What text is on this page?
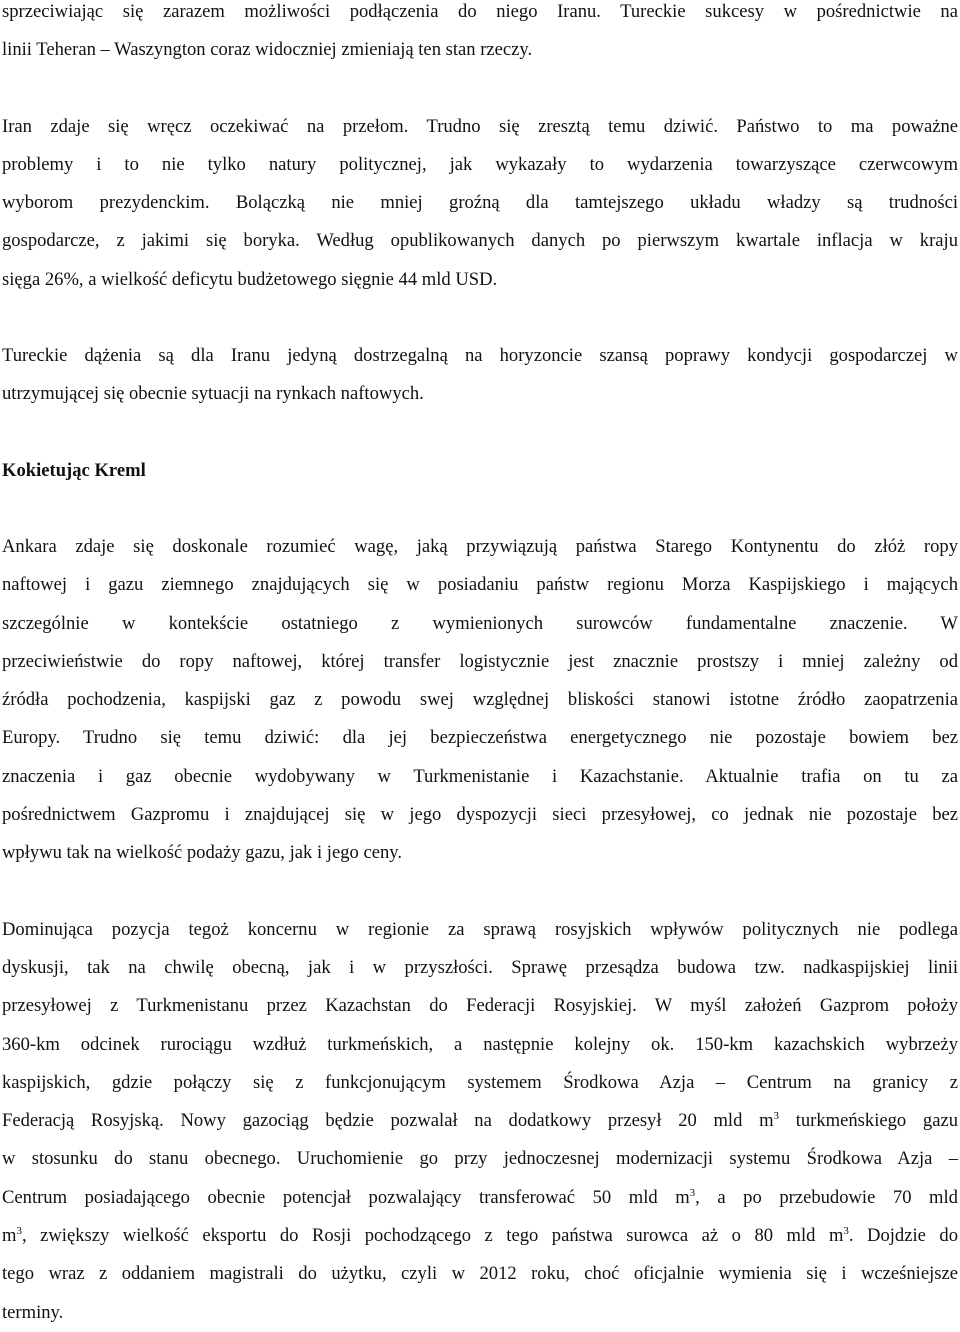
sprzeciwiając się zarazem możliwości podłączenia do niego Iranu. Tureckie sukcesy w pośrednictwie na
linii Teheran – Waszyngton coraz widoczniej zmieniają ten stan rzeczy.
Iran zdaje się wręcz oczekiwać na przełom. Trudno się zresztą temu dziwić. Państwo to ma poważne
problemy i to nie tylko natury politycznej, jak wykazały to wydarzenia towarzyszące czerwcowym
wyborom prezydenckim. Bolączką nie mniej groźną dla tamtejszego układu władzy są trudności
gospodarcze, z jakimi się boryka. Według opublikowanych danych po pierwszym kwartale inflacja w kraju
sięga 26%, a wielkość deficytu budżetowego sięgnie 44 mld USD.
Tureckie dążenia są dla Iranu jedyną dostrzegalną na horyzoncie szansą poprawy kondycji gospodarczej w
utrzymującej się obecnie sytuacji na rynkach naftowych.
Kokietując Kreml
Ankara zdaje się doskonale rozumieć wagę, jaką przywiązują państwa Starego Kontynentu do złóż ropy
naftowej i gazu ziemnego znajdujących się w posiadaniu państw regionu Morza Kaspijskiego i mających
szczególnie w kontekście ostatniego z wymienionych surowców fundamentalne znaczenie. W
przeciwieństwie do ropy naftowej, której transfer logistycznie jest znacznie prostszy i mniej zależny od
źródła pochodzenia, kaspijski gaz z powodu swej względnej bliskości stanowi istotne źródło zaopatrzenia
Europy. Trudno się temu dziwić: dla jej bezpieczeństwa energetycznego nie pozostaje bowiem bez
znaczenia i gaz obecnie wydobywany w Turkmenistanie i Kazachstanie. Aktualnie trafia on tu za
pośrednictwem Gazpromu i znajdującej się w jego dyspozycji sieci przesyłowej, co jednak nie pozostaje bez
wpływu tak na wielkość podaży gazu, jak i jego ceny.
Dominująca pozycja tegoż koncernu w regionie za sprawą rosyjskich wpływów politycznych nie podlega
dyskusji, tak na chwilę obecną, jak i w przyszłości. Sprawę przesądza budowa tzw. nadkaspijskiej linii
przesyłowej z Turkmenistanu przez Kazachstan do Federacji Rosyjskiej. W myśl założeń Gazprom położy
360-km odcinek rurociągu wzdłuż turkmeńskich, a następnie kolejny ok. 150-km kazachskich wybrzeży
kaspijskich, gdzie połączy się z funkcjonującym systemem Środkowa Azja – Centrum na granicy z
Federacją Rosyjską. Nowy gazociąg będzie pozwalał na dodatkowy przesył 20 mld $m^3$ turkmeńskiego gazu
w stosunku do stanu obecnego. Uruchomienie go przy jednoczesnej modernizacji systemu Środkowa Azja –
Centrum posiadającego obecnie potencjał pozwalający transferować 50 mld $m^3$, a po przebudowie 70 mld
$m^3$, zwiększy wielkość eksportu do Rosji pochodzącego z tego państwa surowca aż o 80 mld $m^3$. Dojdzie do
tego wraz z oddaniem magistrali do użytku, czyli w 2012 roku, choć oficjalnie wymienia się i wcześniejsze
terminy.
